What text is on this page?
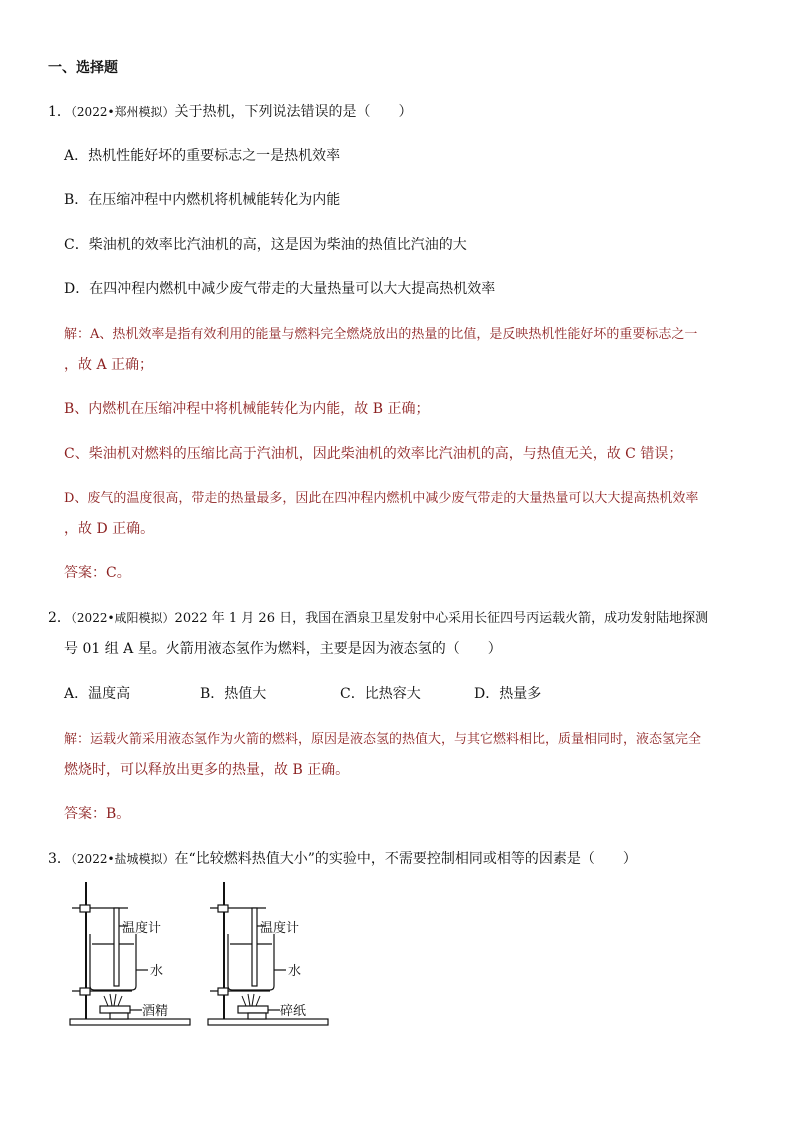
一、选择题
1．（2022•郑州模拟）关于热机，下列说法错误的是（　　）
A．热机性能好坏的重要标志之一是热机效率
B．在压缩冲程中内燃机将机械能转化为内能
C．柴油机的效率比汽油机的高，这是因为柴油的热值比汽油的大
D．在四冲程内燃机中减少废气带走的大量热量可以大大提高热机效率
解：A、热机效率是指有效利用的能量与燃料完全燃烧放出的热量的比值，是反映热机性能好坏的重要标志之一
，故 A 正确；
B、内燃机在压缩冲程中将机械能转化为内能，故 B 正确；
C、柴油机对燃料的压缩比高于汽油机，因此柴油机的效率比汽油机的高，与热值无关，故 C 错误；
D、废气的温度很高，带走的热量最多，因此在四冲程内燃机中减少废气带走的大量热量可以大大提高热机效率
，故 D 正确。
答案：C。
2．（2022•咸阳模拟）2022 年 1 月 26 日，我国在酒泉卫星发射中心采用长征四号丙运载火箭，成功发射陆地探测
号 01 组 A 星。火箭用液态氢作为燃料，主要是因为液态氢的（　　）
A．温度高	B．热值大	C．比热容大	D．热量多
解：运载火箭采用液态氢作为火箭的燃料，原因是液态氢的热值大，与其它燃料相比，质量相同时，液态氢完全
燃烧时，可以释放出更多的热量，故 B 正确。
答案：B。
3．（2022•盐城模拟）在“比较燃料热值大小”的实验中，不需要控制相同或相等的因素是（　　）
温度计
水
酒精
温度计
水
碎纸
